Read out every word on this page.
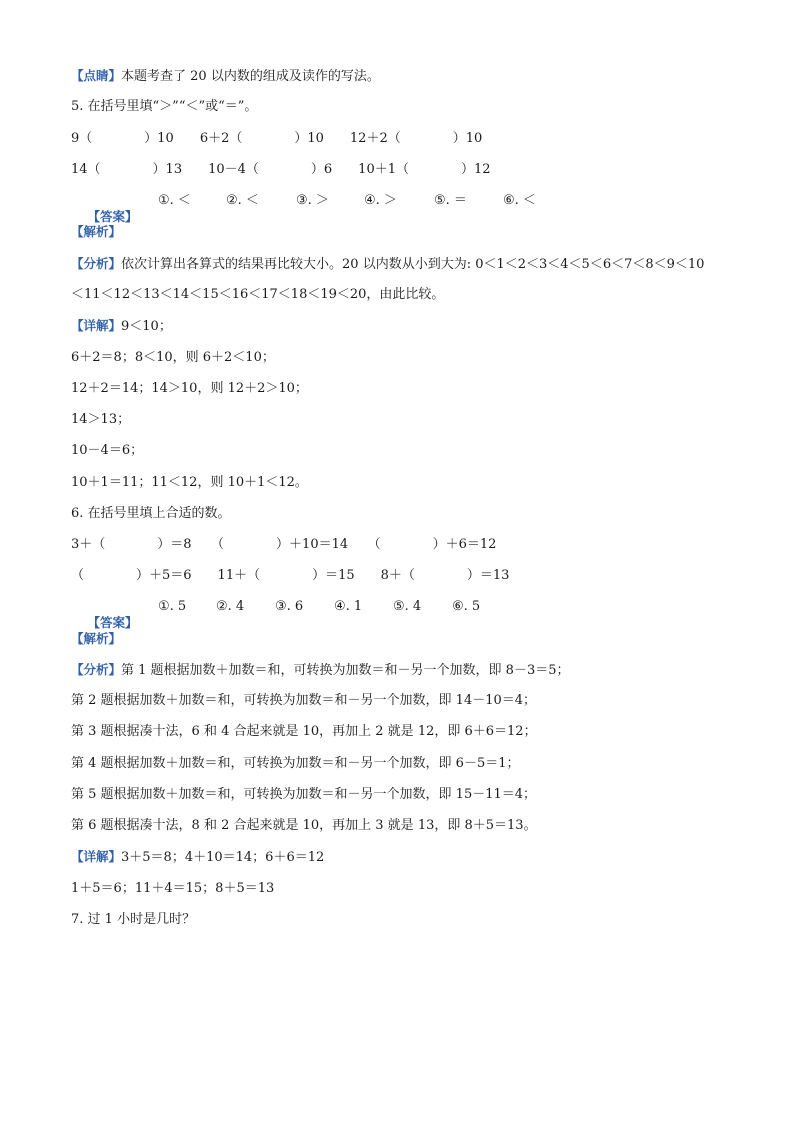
【点睛】本题考查了 20 以内数的组成及读作的写法。
5. 在括号里填“＞”“＜”或“＝”。
9（　　　　）10　　6＋2（　　　　）10　　12＋2（　　　　）10
14（　　　　）13　　10－4（　　　　）6　　10＋1（　　　　）12

【答案】

①. ＜

	②. ＜

	③. ＞

	④. ＞

	⑤. ＝

	⑥. ＜

【解析】
【分析】依次计算出各算式的结果再比较大小。20 以内数从小到大为: 0＜1＜2＜3＜4＜5＜6＜7＜8＜9＜10
＜11＜12＜13＜14＜15＜16＜17＜18＜19＜20，由此比较。
【详解】9＜10；
6＋2＝8；8＜10，则 6＋2＜10；
12＋2＝14；14＞10，则 12＋2＞10；
14＞13；
10－4＝6；
10＋1＝11；11＜12，则 10＋1＜12。
6. 在括号里填上合适的数。
3＋（　　　　）＝8　　（　　　　）＋10＝14　　（　　　　）＋6＝12
（　　　　）＋5＝6　　11＋（　　　　）＝15　　8＋（　　　　）＝13

【答案】

①. 5

②. 4

③. 6

④. 1

⑤. 4

⑥. 5

【解析】
【分析】第 1 题根据加数＋加数＝和，可转换为加数＝和－另一个加数，即 8－3＝5；
第 2 题根据加数＋加数＝和，可转换为加数＝和－另一个加数，即 14－10＝4；
第 3 题根据凑十法，6 和 4 合起来就是 10，再加上 2 就是 12，即 6＋6＝12；
第 4 题根据加数＋加数＝和，可转换为加数＝和－另一个加数，即 6－5＝1；
第 5 题根据加数＋加数＝和，可转换为加数＝和－另一个加数，即 15－11＝4；
第 6 题根据凑十法，8 和 2 合起来就是 10，再加上 3 就是 13，即 8＋5＝13。
【详解】3＋5＝8；4＋10＝14；6＋6＝12
1＋5＝6；11＋4＝15；8＋5＝13
7. 过 1 小时是几时？
